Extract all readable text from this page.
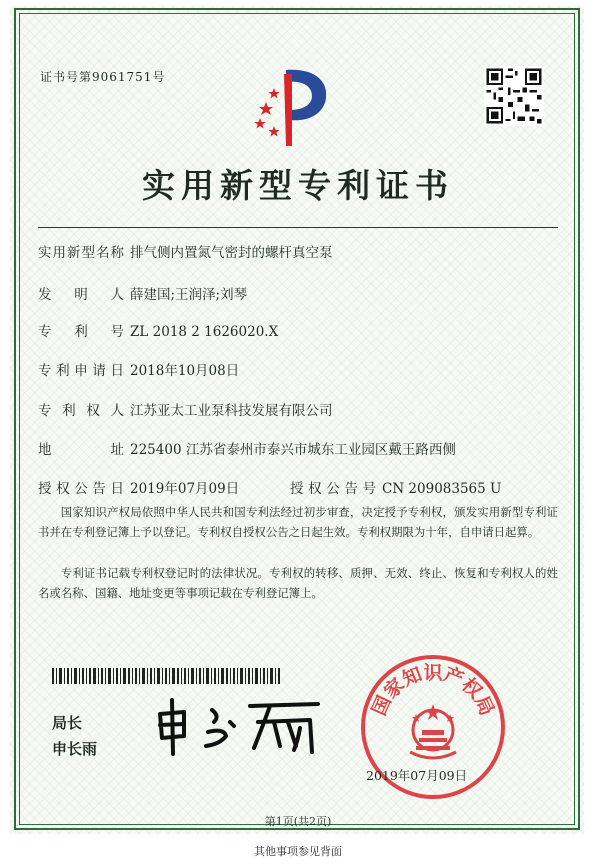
证书号第9061751号
实用新型专利证书
实用新型名称 排气侧内置氮气密封的螺杆真空泵
发明人 薛建国;王润泽;刘琴
专利号 ZL 2018 2 1626020.X
专利申请日 2018年10月08日
专利权人 江苏亚太工业泵科技发展有限公司
地址 225400 江苏省泰州市泰兴市城东工业园区戴王路西侧
授权公告日 2019年07月09日	授权公告号 CN 209083565 U
国家知识产权局依照中华人民共和国专利法经过初步审查，决定授予专利权，颁发实用新型专利证书并在专利登记簿上予以登记。专利权自授权公告之日起生效。专利权期限为十年，自申请日起算。
专利证书记载专利权登记时的法律状况。专利权的转移、质押、无效、终止、恢复和专利权人的姓名或名称、国籍、地址变更等事项记载在专利登记簿上。
局长
申长雨
国家知识产权局
2019年07月09日
第1页(共2页)
其他事项参见背面
